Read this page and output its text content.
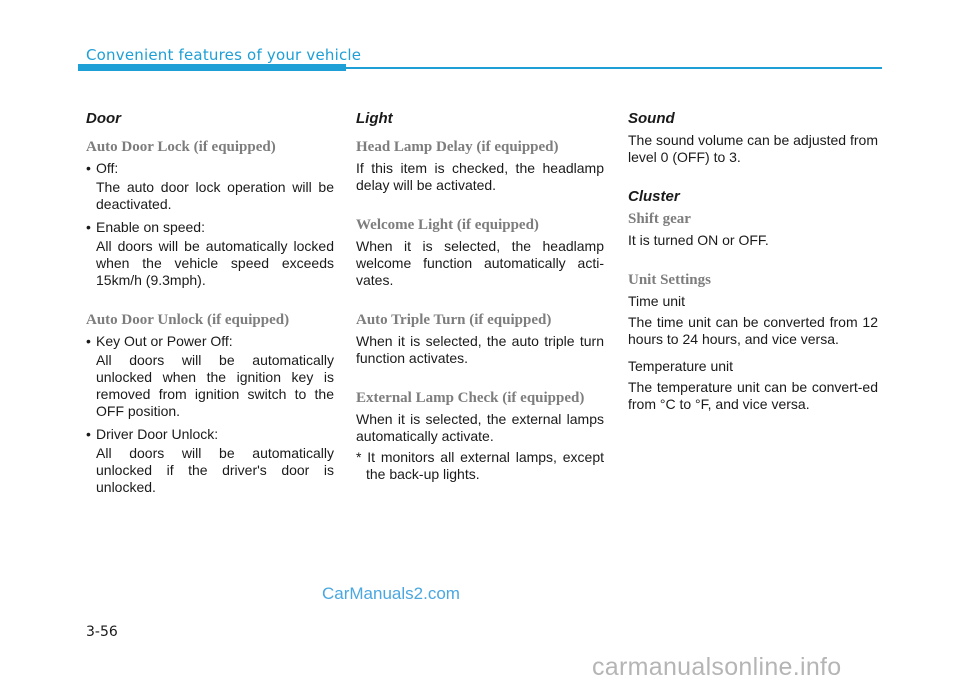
Convenient features of your vehicle
Door
Auto Door Lock (if equipped)
• Off:
The auto door lock operation will be deactivated.
• Enable on speed:
All doors will be automatically locked when the vehicle speed exceeds 15km/h (9.3mph).
Auto Door Unlock (if equipped)
• Key Out or Power Off:
All doors will be automatically unlocked when the ignition key is removed from ignition switch to the OFF position.
• Driver Door Unlock:
All doors will be automatically unlocked if the driver's door is unlocked.
Light
Head Lamp Delay (if equipped)
If this item is checked, the headlamp delay will be activated.
Welcome Light (if equipped)
When it is selected, the headlamp welcome function automatically acti-vates.
Auto Triple Turn (if equipped)
When it is selected, the auto triple turn function activates.
External Lamp Check (if equipped)
When it is selected, the external lamps automatically activate.
* It monitors all external lamps, except the back-up lights.
Sound
The sound volume can be adjusted from level 0 (OFF) to 3.
Cluster
Shift gear
It is turned ON or OFF.
Unit Settings
Time unit
The time unit can be converted from 12 hours to 24 hours, and vice versa.
Temperature unit
The temperature unit can be convert-ed from °C to °F, and vice versa.
CarManuals2.com
3-56
carmanualsonline.info
